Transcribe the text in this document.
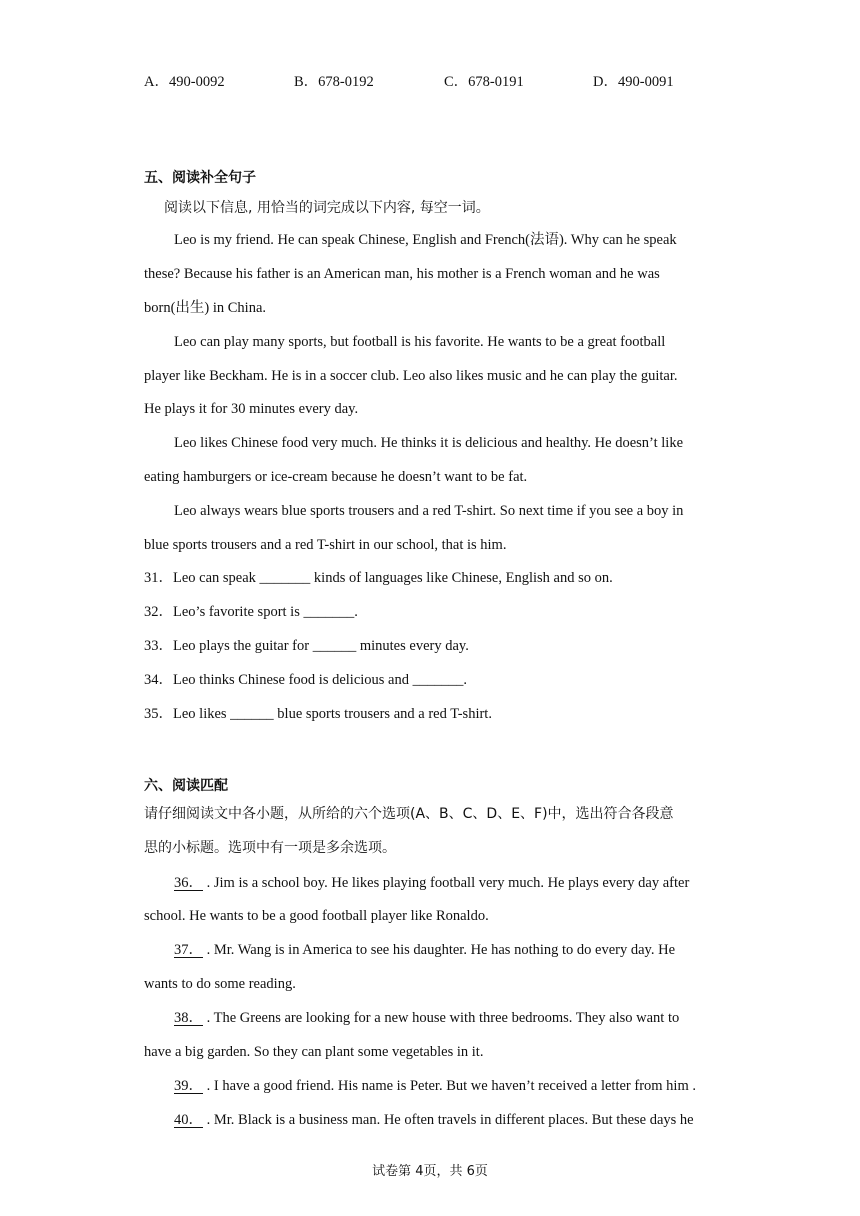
A．490-0092	B．678-0192	C．678-0191	D．490-0091
五、阅读补全句子
阅读以下信息, 用恰当的词完成以下内容, 每空一词。
Leo is my friend. He can speak Chinese, English and French(法语). Why can he speak
these? Because his father is an American man, his mother is a French woman and he was
born(出生) in China.
Leo can play many sports, but football is his favorite. He wants to be a great football
player like Beckham. He is in a soccer club. Leo also likes music and he can play the guitar.
He plays it for 30 minutes every day.
Leo likes Chinese food very much. He thinks it is delicious and healthy. He doesn’t like
eating hamburgers or ice-cream because he doesn’t want to be fat.
Leo always wears blue sports trousers and a red T-shirt. So next time if you see a boy in
blue sports trousers and a red T-shirt in our school, that is him.
31．Leo can speak _______ kinds of languages like Chinese, English and so on.
32．Leo’s favorite sport is _______.
33．Leo plays the guitar for ______ minutes every day.
34．Leo thinks Chinese food is delicious and _______.
35．Leo likes ______ blue sports trousers and a red T-shirt.
六、阅读匹配
请仔细阅读文中各小题，从所给的六个选项(A、B、C、D、E、F)中，选出符合各段意
思的小标题。选项中有一项是多余选项。
36． . Jim is a school boy. He likes playing football very much. He plays every day after
school. He wants to be a good football player like Ronaldo.
37． . Mr. Wang is in America to see his daughter. He has nothing to do every day. He
wants to do some reading.
38． . The Greens are looking for a new house with three bedrooms. They also want to
have a big garden. So they can plant some vegetables in it.
39． . I have a good friend. His name is Peter. But we haven’t received a letter from him .
40． . Mr. Black is a business man. He often travels in different places. But these days he
试卷第 4页，共 6页
